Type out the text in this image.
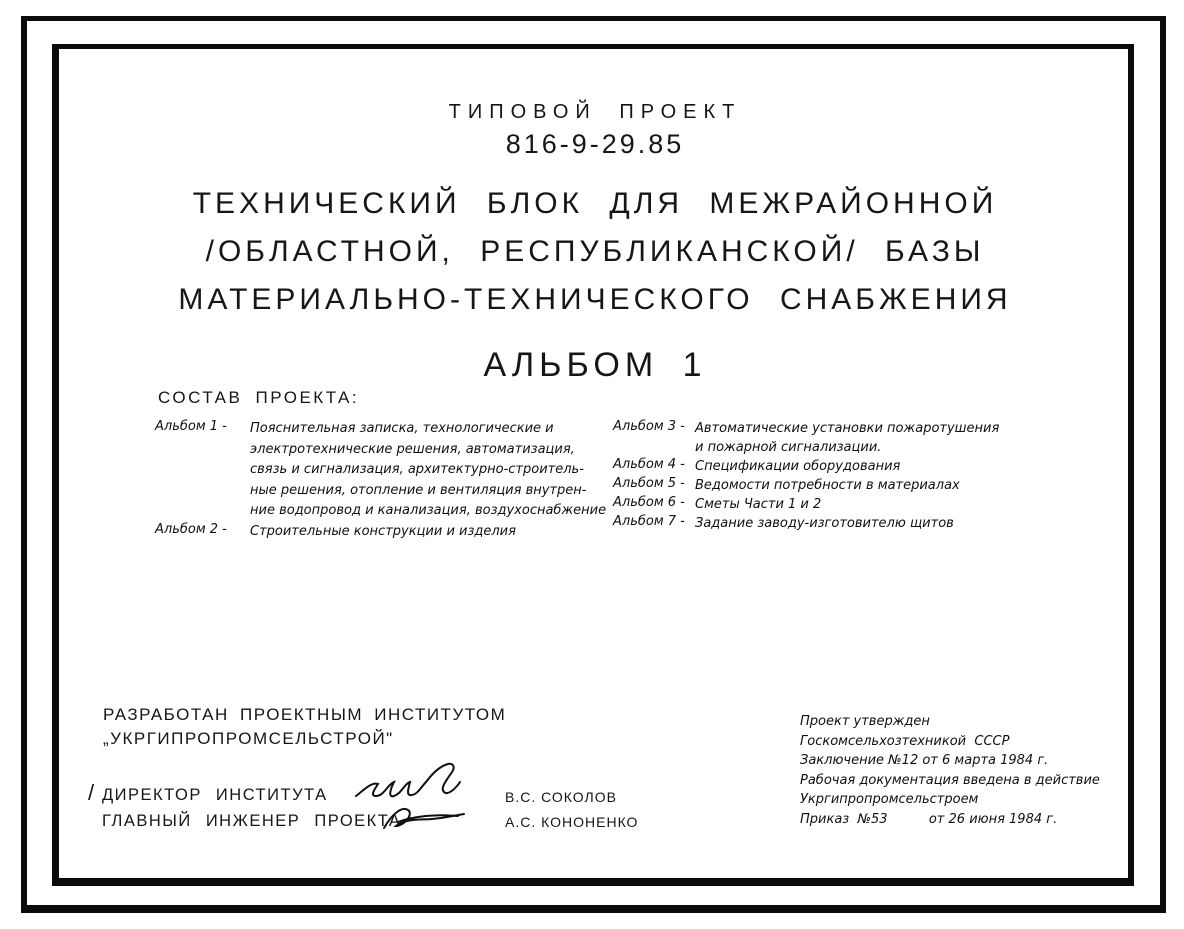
ТИПОВОЙ ПРОЕКТ
816-9-29.85
ТЕХНИЧЕСКИЙ БЛОК ДЛЯ МЕЖРАЙОННОЙ
/ОБЛАСТНОЙ, РЕСПУБЛИКАНСКОЙ/ БАЗЫ
МАТЕРИАЛЬНО-ТЕХНИЧЕСКОГО СНАБЖЕНИЯ
АЛЬБОМ 1
СОСТАВ ПРОЕКТА:
Альбом 1 -	Пояснительная записка, технологические и
электротехнические решения, автоматизация,
связь и сигнализация, архитектурно-строитель-
ные решения, отопление и вентиляция внутрен-
ние водопровод и канализация, воздухоснабжение
Альбом 2 -	Строительные конструкции и изделия
Альбом 3 - Автоматические установки пожаротушения
и пожарной сигнализации.
Альбом 4 - Спецификации оборудования
Альбом 5 - Ведомости потребности в материалах
Альбом 6 - Сметы Части 1 и 2
Альбом 7 - Задание заводу-изготовителю щитов
РАЗРАБОТАН ПРОЕКТНЫМ ИНСТИТУТОМ
„УКРГИПРОПРОМСЕЛЬСТРОЙ"
/ ДИРЕКТОР ИНСТИТУТА
ГЛАВНЫЙ ИНЖЕНЕР ПРОЕКТА
В.С. СОКОЛОВ
А.С. КОНОНЕНКО
Проект утвержден
Госкомсельхозтехникой  СССР
Заключение №12 от 6 марта 1984 г.
Рабочая документация введена в действие
Укргипропромсельстроем
Приказ  №53          от 26 июня 1984 г.
